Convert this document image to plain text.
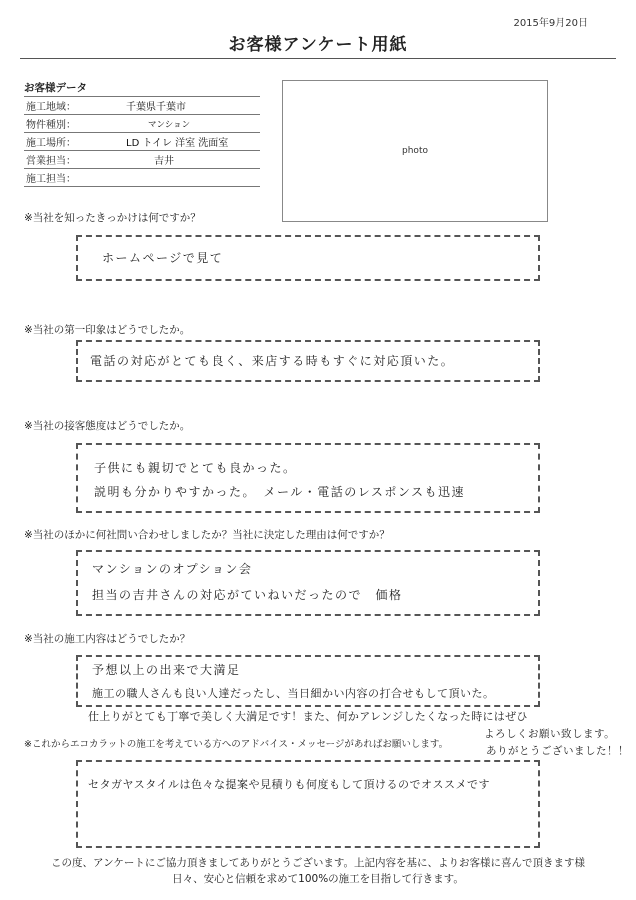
2015年9月20日
お客様アンケート用紙
お客様データ
施工地域：	千葉県千葉市
物件種別：	マンション
施工場所：	LD トイレ 洋室 洗面室
営業担当：	吉井
施工担当：
photo
※当社を知ったきっかけは何ですか？
ホームページで見て
※当社の第一印象はどうでしたか。
電話の対応がとても良く、来店する時もすぐに対応頂いた。
※当社の接客態度はどうでしたか。
子供にも親切でとても良かった。
説明も分かりやすかった。　メール・電話のレスポンスも迅速
※当社のほかに何社問い合わせしましたか？当社に決定した理由は何ですか？
マンションのオプション会
担当の吉井さんの対応がていねいだったので　価格
※当社の施工内容はどうでしたか？
予想以上の出来で大満足
施工の職人さんも良い人達だったし、当日細かい内容の打合せもして頂いた。
仕上りがとても丁寧で美しく大満足です！また、何かアレンジしたくなった時にはぜひ
よろしくお願い致します。
ありがとうございました！！
※これからエコカラットの施工を考えている方へのアドバイス・メッセージがあればお願いします。
セタガヤスタイルは色々な提案や見積りも何度もして頂けるのでオススメです
この度、アンケートにご協力頂きましてありがとうございます。上記内容を基に、よりお客様に喜んで頂きます様
日々、安心と信頼を求めて100%の施工を目指して行きます。
